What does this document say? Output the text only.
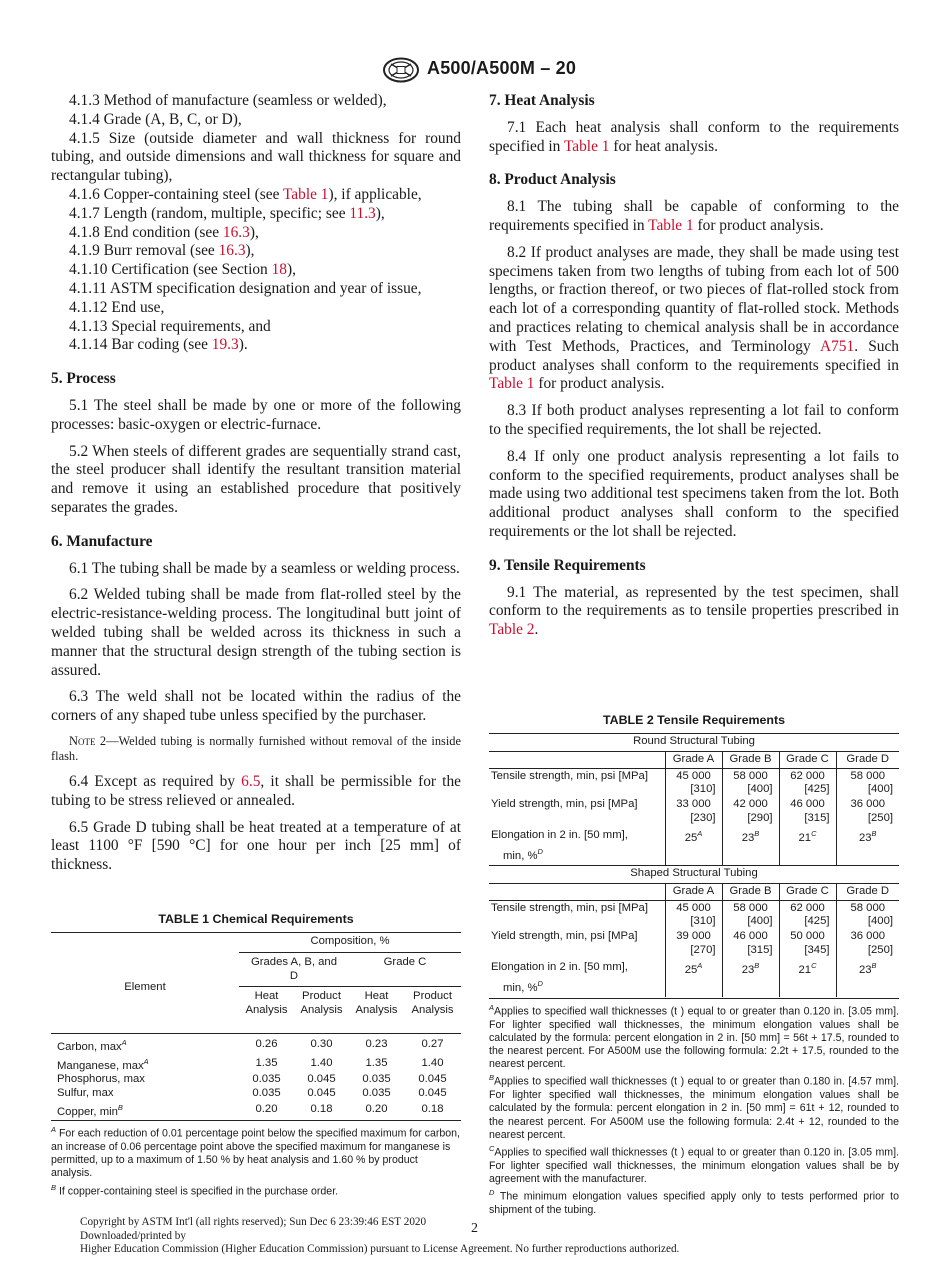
A500/A500M – 20

4.1.3 Method of manufacture (seamless or welded),

4.1.4 Grade (A, B, C, or D),

4.1.5 Size (outside diameter and wall thickness for round tubing, and outside dimensions and wall thickness for square and rectangular tubing),

4.1.6 Copper-containing steel (see Table 1), if applicable,

4.1.7 Length (random, multiple, specific; see 11.3),

4.1.8 End condition (see 16.3),

4.1.9 Burr removal (see 16.3),

4.1.10 Certification (see Section 18),

4.1.11 ASTM specification designation and year of issue,

4.1.12 End use,

4.1.13 Special requirements, and

4.1.14 Bar coding (see 19.3).

5. Process

5.1 The steel shall be made by one or more of the following processes: basic-oxygen or electric-furnace.

5.2 When steels of different grades are sequentially strand cast, the steel producer shall identify the resultant transition material and remove it using an established procedure that positively separates the grades.

6. Manufacture

6.1 The tubing shall be made by a seamless or welding process.

6.2 Welded tubing shall be made from flat-rolled steel by the electric-resistance-welding process. The longitudinal butt joint of welded tubing shall be welded across its thickness in such a manner that the structural design strength of the tubing section is assured.

6.3 The weld shall not be located within the radius of the corners of any shaped tube unless specified by the purchaser.

Note 2—Welded tubing is normally furnished without removal of the inside flash.

6.4 Except as required by 6.5, it shall be permissible for the tubing to be stress relieved or annealed.

6.5 Grade D tubing shall be heat treated at a temperature of at least 1100 °F [590 °C] for one hour per inch [25 mm] of thickness.

TABLE 1 Chemical Requirements
Element	Composition, %			
	Grades A, B, and D		Grade C	
	Heat Analysis	Product Analysis	Heat Analysis	Product Analysis
Carbon, $\max^A$	0.26	0.30	0.23	0.27
Manganese, $\max^A$	1.35	1.40	1.35	1.40
Phosphorus, max	0.035	0.045	0.035	0.045
Sulfur, max	0.035	0.045	0.035	0.045
Copper, $\min^B$	0.20	0.18	0.20	0.18

$^A$ For each reduction of 0.01 percentage point below the specified maximum for carbon, an increase of 0.06 percentage point above the specified maximum for manganese is permitted, up to a maximum of 1.50 % by heat analysis and 1.60 % by product analysis.

$^B$ If copper-containing steel is specified in the purchase order.

7. Heat Analysis

7.1 Each heat analysis shall conform to the requirements specified in Table 1 for heat analysis.

8. Product Analysis

8.1 The tubing shall be capable of conforming to the requirements specified in Table 1 for product analysis.

8.2 If product analyses are made, they shall be made using test specimens taken from two lengths of tubing from each lot of 500 lengths, or fraction thereof, or two pieces of flat-rolled stock from each lot of a corresponding quantity of flat-rolled stock. Methods and practices relating to chemical analysis shall be in accordance with Test Methods, Practices, and Terminology A751. Such product analyses shall conform to the requirements specified in Table 1 for product analysis.

8.3 If both product analyses representing a lot fail to conform to the specified requirements, the lot shall be rejected.

8.4 If only one product analysis representing a lot fails to conform to the specified requirements, product analyses shall be made using two additional test specimens taken from the lot. Both additional product analyses shall conform to the specified requirements or the lot shall be rejected.

9. Tensile Requirements

9.1 The material, as represented by the test specimen, shall conform to the requirements as to tensile properties prescribed in Table 2.

TABLE 2 Tensile Requirements
Round Structural Tubing				
	Grade A	Grade B	Grade C	Grade D
Tensile strength, min, psi [MPa]	45 000	58 000	62 000	58 000
	[310]	[400]	[425]	[400]
Yield strength, min, psi [MPa]	33 000	42 000	46 000	36 000
	[230]	[290]	[315]	[250]
Elongation in 2 in. [50 mm],	$25^A$	$23^B$	$21^C$	$23^B$
min, %$^D$				
Shaped Structural Tubing				
	Grade A	Grade B	Grade C	Grade D
Tensile strength, min, psi [MPa]	45 000	58 000	62 000	58 000
	[310]	[400]	[425]	[400]
Yield strength, min, psi [MPa]	39 000	46 000	50 000	36 000
	[270]	[315]	[345]	[250]
Elongation in 2 in. [50 mm],	$25^A$	$23^B$	$21^C$	$23^B$
min, %$^D$				

$^A$Applies to specified wall thicknesses (t ) equal to or greater than 0.120 in. [3.05 mm]. For lighter specified wall thicknesses, the minimum elongation values shall be calculated by the formula: percent elongation in 2 in. [50 mm] = 56t + 17.5, rounded to the nearest percent. For A500M use the following formula: 2.2t + 17.5, rounded to the nearest percent.

$^B$Applies to specified wall thicknesses (t ) equal to or greater than 0.180 in. [4.57 mm]. For lighter specified wall thicknesses, the minimum elongation values shall be calculated by the formula: percent elongation in 2 in. [50 mm] = 61t + 12, rounded to the nearest percent. For A500M use the following formula: 2.4t + 12, rounded to the nearest percent.

$^C$Applies to specified wall thicknesses (t ) equal to or greater than 0.120 in. [3.05 mm]. For lighter specified wall thicknesses, the minimum elongation values shall be by agreement with the manufacturer.

$^D$ The minimum elongation values specified apply only to tests performed prior to shipment of the tubing.

Copyright by ASTM Int'l (all rights reserved); Sun Dec 6 23:39:46 EST 2020
Downloaded/printed by
Higher Education Commission (Higher Education Commission) pursuant to License Agreement. No further reproductions authorized.
2
